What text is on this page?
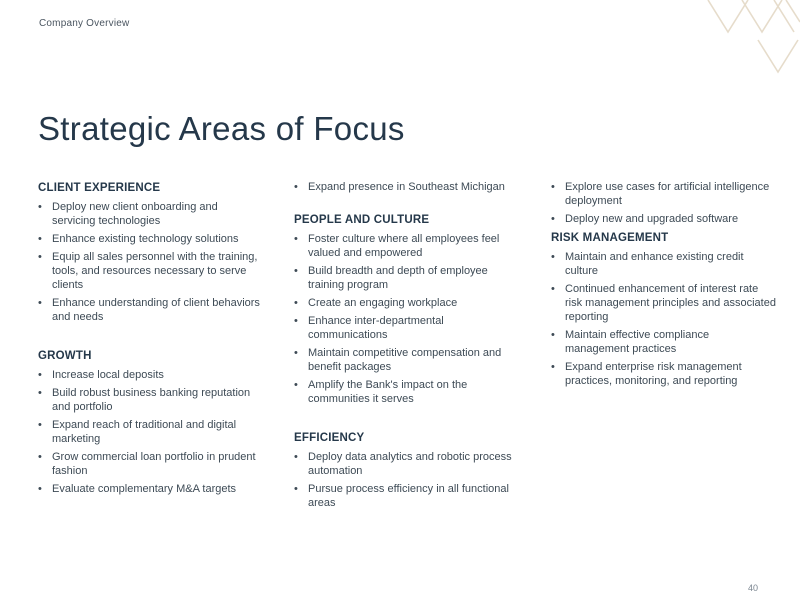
Company Overview
Strategic Areas of Focus
CLIENT EXPERIENCE
• Deploy new client onboarding and servicing technologies
• Enhance existing technology solutions
• Equip all sales personnel with the training, tools, and resources necessary to serve clients
• Enhance understanding of client behaviors and needs
GROWTH
• Increase local deposits
• Build robust business banking reputation and portfolio
• Expand reach of traditional and digital marketing
• Grow commercial loan portfolio in prudent fashion
• Evaluate complementary M&A targets
• Expand presence in Southeast Michigan
PEOPLE AND CULTURE
• Foster culture where all employees feel valued and empowered
• Build breadth and depth of employee training program
• Create an engaging workplace
• Enhance inter-departmental communications
• Maintain competitive compensation and benefit packages
• Amplify the Bank's impact on the communities it serves
EFFICIENCY
• Deploy data analytics and robotic process automation
• Pursue process efficiency in all functional areas
• Explore use cases for artificial intelligence deployment
• Deploy new and upgraded software
RISK MANAGEMENT
• Maintain and enhance existing credit culture
• Continued enhancement of interest rate risk management principles and associated reporting
• Maintain effective compliance management practices
• Expand enterprise risk management practices, monitoring, and reporting
40
